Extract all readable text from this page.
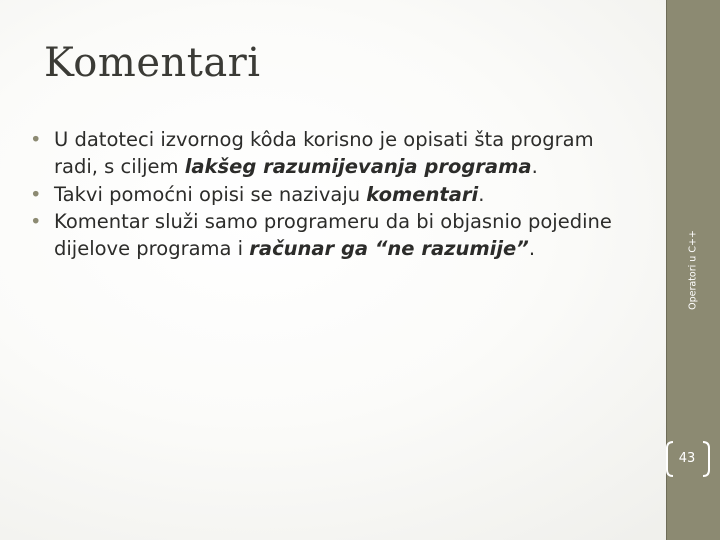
Komentari
• U datoteci izvornog kôda korisno je opisati šta program radi, s ciljem lakšeg razumijevanja programa.
• Takvi pomoćni opisi se nazivaju komentari.
• Komentar služi samo programeru da bi objasnio pojedine dijelove programa i računar ga “ne razumije”.	Operatori u C++
43
